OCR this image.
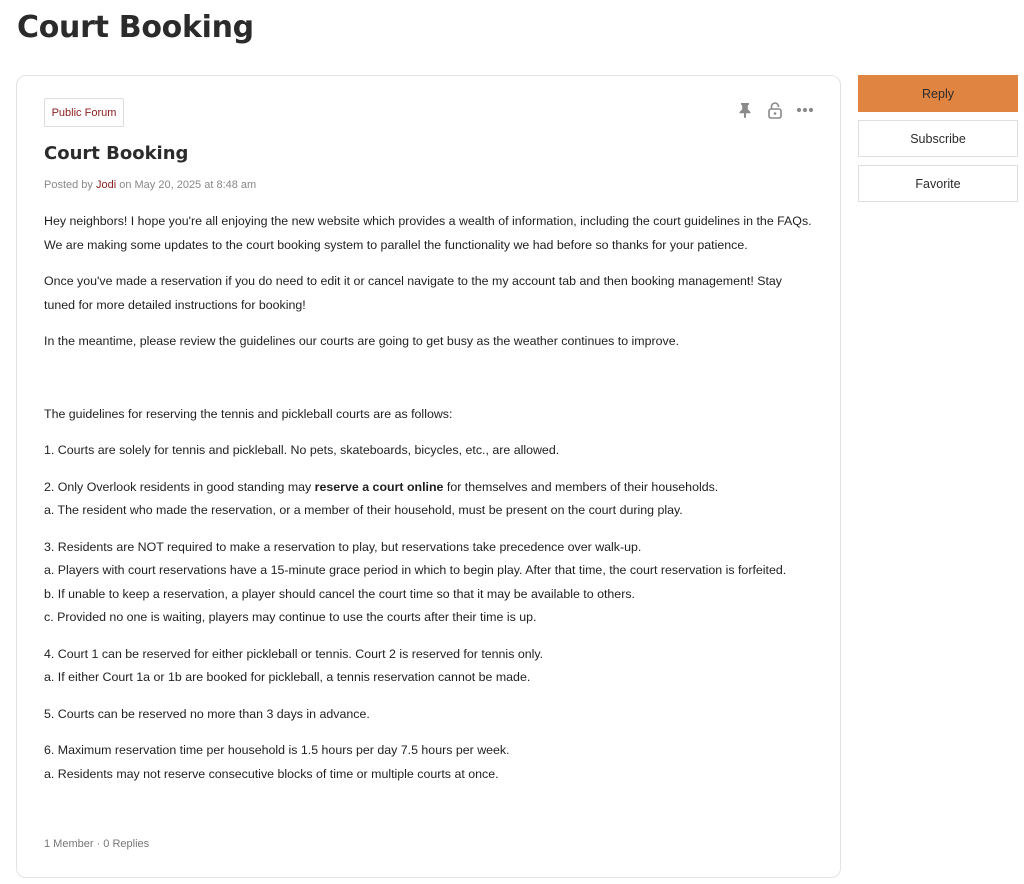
Court Booking
Public Forum
Court Booking
Posted by Jodi on May 20, 2025 at 8:48 am

Hey neighbors! I hope you're all enjoying the new website which provides a wealth of information, including the court guidelines in the FAQs. We are making some updates to the court booking system to parallel the functionality we had before so thanks for your patience.

Once you've made a reservation if you do need to edit it or cancel navigate to the my account tab and then booking management! Stay tuned for more detailed instructions for booking!

In the meantime, please review the guidelines our courts are going to get busy as the weather continues to improve.

The guidelines for reserving the tennis and pickleball courts are as follows:

1. Courts are solely for tennis and pickleball. No pets, skateboards, bicycles, etc., are allowed.

2. Only Overlook residents in good standing may reserve a court online for themselves and members of their households.
a. The resident who made the reservation, or a member of their household, must be present on the court during play.

3. Residents are NOT required to make a reservation to play, but reservations take precedence over walk-up.
a. Players with court reservations have a 15-minute grace period in which to begin play. After that time, the court reservation is forfeited.
b. If unable to keep a reservation, a player should cancel the court time so that it may be available to others.
c. Provided no one is waiting, players may continue to use the courts after their time is up.

4. Court 1 can be reserved for either pickleball or tennis. Court 2 is reserved for tennis only.
a. If either Court 1a or 1b are booked for pickleball, a tennis reservation cannot be made.

5. Courts can be reserved no more than 3 days in advance.

6. Maximum reservation time per household is 1.5 hours per day 7.5 hours per week.
a. Residents may not reserve consecutive blocks of time or multiple courts at once.

1 Member · 0 Replies
Reply
Subscribe
Favorite
